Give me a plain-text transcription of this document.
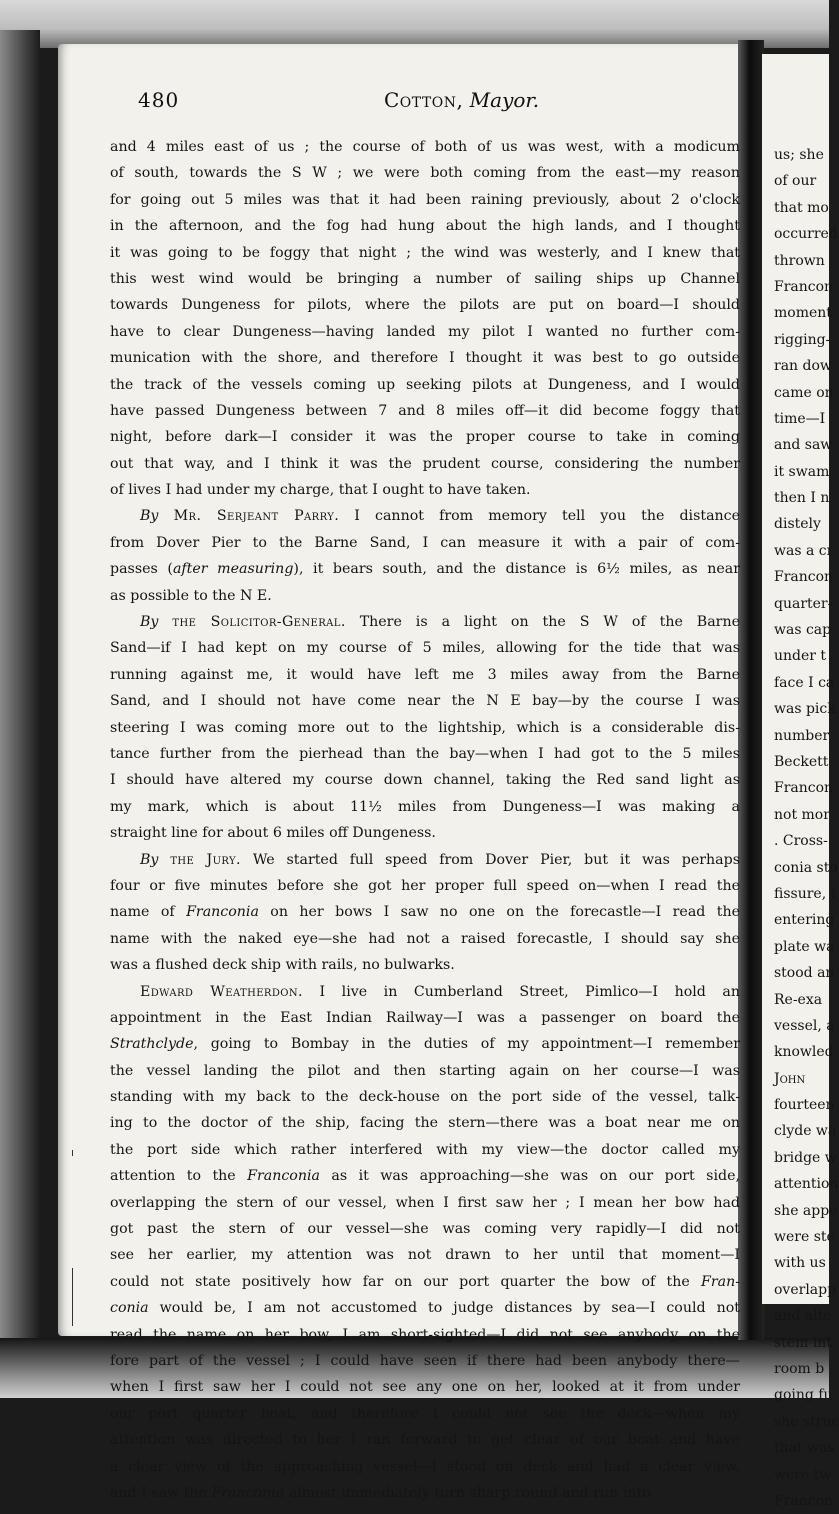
us; she
of our
that mo
occurred
thrown
Francon
moment
rigging-
ran dow
came on
time—I
and saw
it swam
then I n
distely
was a cr
Francon
quarter-
was cap
under t
face I ca
was pick
number
Beckett
Francon
not mor
. Cross-
conia sto
fissure, I
entering
plate wa
stood an
Re-exa
vessel, a
knowled
John
fourteen
clyde wa
bridge w
attention
she appe
were ste
with us
overlapp
and alte
stem int
room b
going fu
she struc
that was
were tw
Francon
480	Cotton, Mayor.
and 4 miles east of us ; the course of both of us was west, with a modicum
of south, towards the S W ; we were both coming from the east—my reason
for going out 5 miles was that it had been raining previously, about 2 o'clock
in the afternoon, and the fog had hung about the high lands, and I thought
it was going to be foggy that night ; the wind was westerly, and I knew that
this west wind would be bringing a number of sailing ships up Channel
towards Dungeness for pilots, where the pilots are put on board—I should
have to clear Dungeness—having landed my pilot I wanted no further com-
munication with the shore, and therefore I thought it was best to go outside
the track of the vessels coming up seeking pilots at Dungeness, and I would
have passed Dungeness between 7 and 8 miles off—it did become foggy that
night, before dark—I consider it was the proper course to take in coming
out that way, and I think it was the prudent course, considering the number
of lives I had under my charge, that I ought to have taken.
By Mr. Serjeant Parry. I cannot from memory tell you the distance
from Dover Pier to the Barne Sand, I can measure it with a pair of com-
passes (after measuring), it bears south, and the distance is 6½ miles, as near
as possible to the N E.
By the Solicitor-General. There is a light on the S W of the Barne
Sand—if I had kept on my course of 5 miles, allowing for the tide that was
running against me, it would have left me 3 miles away from the Barne
Sand, and I should not have come near the N E bay—by the course I was
steering I was coming more out to the lightship, which is a considerable dis-
tance further from the pierhead than the bay—when I had got to the 5 miles
I should have altered my course down channel, taking the Red sand light as
my mark, which is about 11½ miles from Dungeness—I was making a
straight line for about 6 miles off Dungeness.
By the Jury. We started full speed from Dover Pier, but it was perhaps
four or five minutes before she got her proper full speed on—when I read the
name of Franconia on her bows I saw no one on the forecastle—I read the
name with the naked eye—she had not a raised forecastle, I should say she
was a flushed deck ship with rails, no bulwarks.
Edward Weatherdon. I live in Cumberland Street, Pimlico—I hold an
appointment in the East Indian Railway—I was a passenger on board the
Strathclyde, going to Bombay in the duties of my appointment—I remember
the vessel landing the pilot and then starting again on her course—I was
standing with my back to the deck-house on the port side of the vessel, talk-
ing to the doctor of the ship, facing the stern—there was a boat near me on
the port side which rather interfered with my view—the doctor called my
attention to the Franconia as it was approaching—she was on our port side,
overlapping the stern of our vessel, when I first saw her ; I mean her bow had
got past the stern of our vessel—she was coming very rapidly—I did not
see her earlier, my attention was not drawn to her until that moment—I
could not state positively how far on our port quarter the bow of the Fran-
conia would be, I am not accustomed to judge distances by sea—I could not
read the name on her bow, I am short-sighted—I did not see anybody on the
fore part of the vessel ; I could have seen if there had been anybody there—
when I first saw her I could not see any one on her, looked at it from under
our port quarter boat, and therefore I could not see the deck—when my
attention was directed to her I ran forward to get clear of our boat and have
a clear view of the approaching vessel—I stood on deck and had a clear view,
and I saw the Franconia almost immediately turn sharp round and run into
